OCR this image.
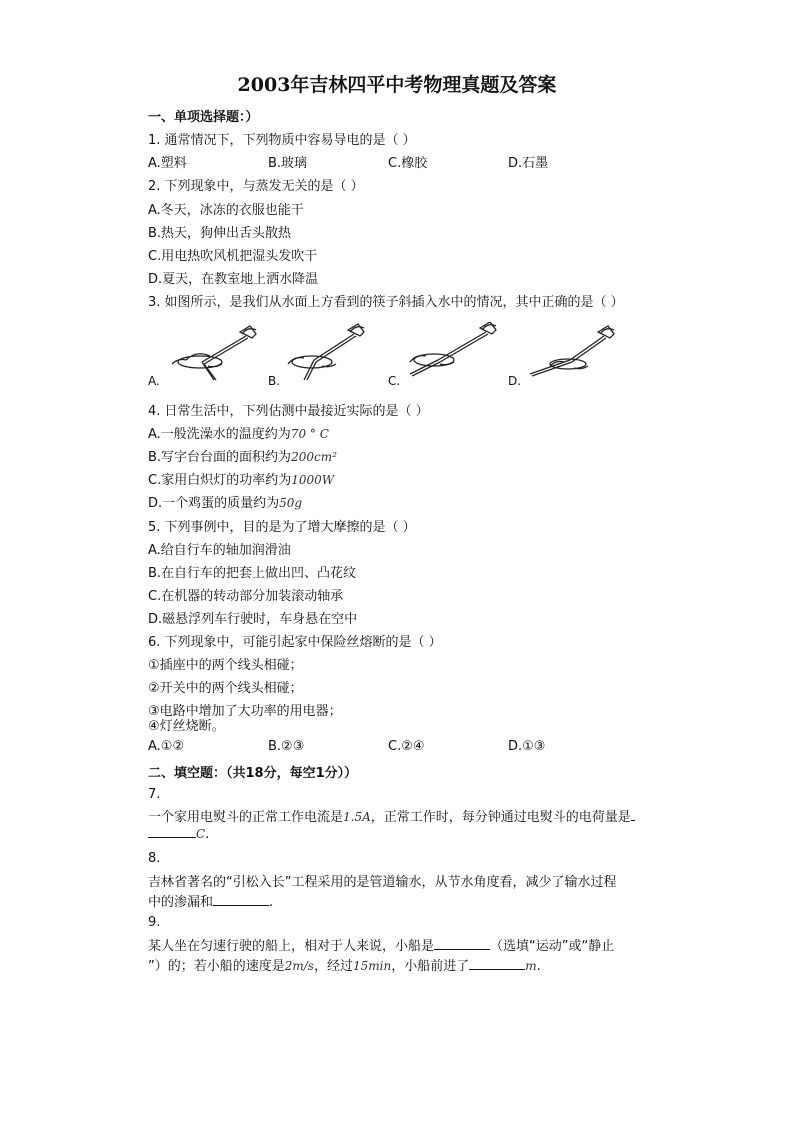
2003年吉林四平中考物理真题及答案
一、单项选择题：）
1. 通常情况下，下列物质中容易导电的是（ ）
A.塑料	B.玻璃	C.橡胶	D.石墨
2. 下列现象中，与蒸发无关的是（ ）
A.冬天，冰冻的衣服也能干
B.热天，狗伸出舌头散热
C.用电热吹风机把湿头发吹干
D.夏天，在教室地上洒水降温
3. 如图所示，是我们从水面上方看到的筷子斜插入水中的情况，其中正确的是（ ）
A.	B.	C.	D.
4. 日常生活中，下列估测中最接近实际的是（ ）
A.一般洗澡水的温度约为70 ° C
B.写字台台面的面积约为200cm²
C.家用白炽灯的功率约为1000W
D.一个鸡蛋的质量约为50g
5. 下列事例中，目的是为了增大摩擦的是（ ）
A.给自行车的轴加润滑油
B.在自行车的把套上做出凹、凸花纹
C.在机器的转动部分加装滚动轴承
D.磁悬浮列车行驶时，车身悬在空中
6. 下列现象中，可能引起家中保险丝熔断的是（ ）
①插座中的两个线头相碰；
②开关中的两个线头相碰；
③电路中增加了大功率的用电器；
④灯丝烧断。
A.①②	B.②③	C.②④	D.①③
二、填空题：（共18分，每空1分））
7.
一个家用电熨斗的正常工作电流是1.5A，正常工作时，每分钟通过电熨斗的电荷量是
C.
8.
吉林省著名的“引松入长”工程采用的是管道输水，从节水角度看，减少了输水过程
中的渗漏和	.
9.
某人坐在匀速行驶的船上，相对于人来说，小船是	（选填“运动”或“静止
”）的；若小船的速度是2m/s，经过15min，小船前进了	m.
